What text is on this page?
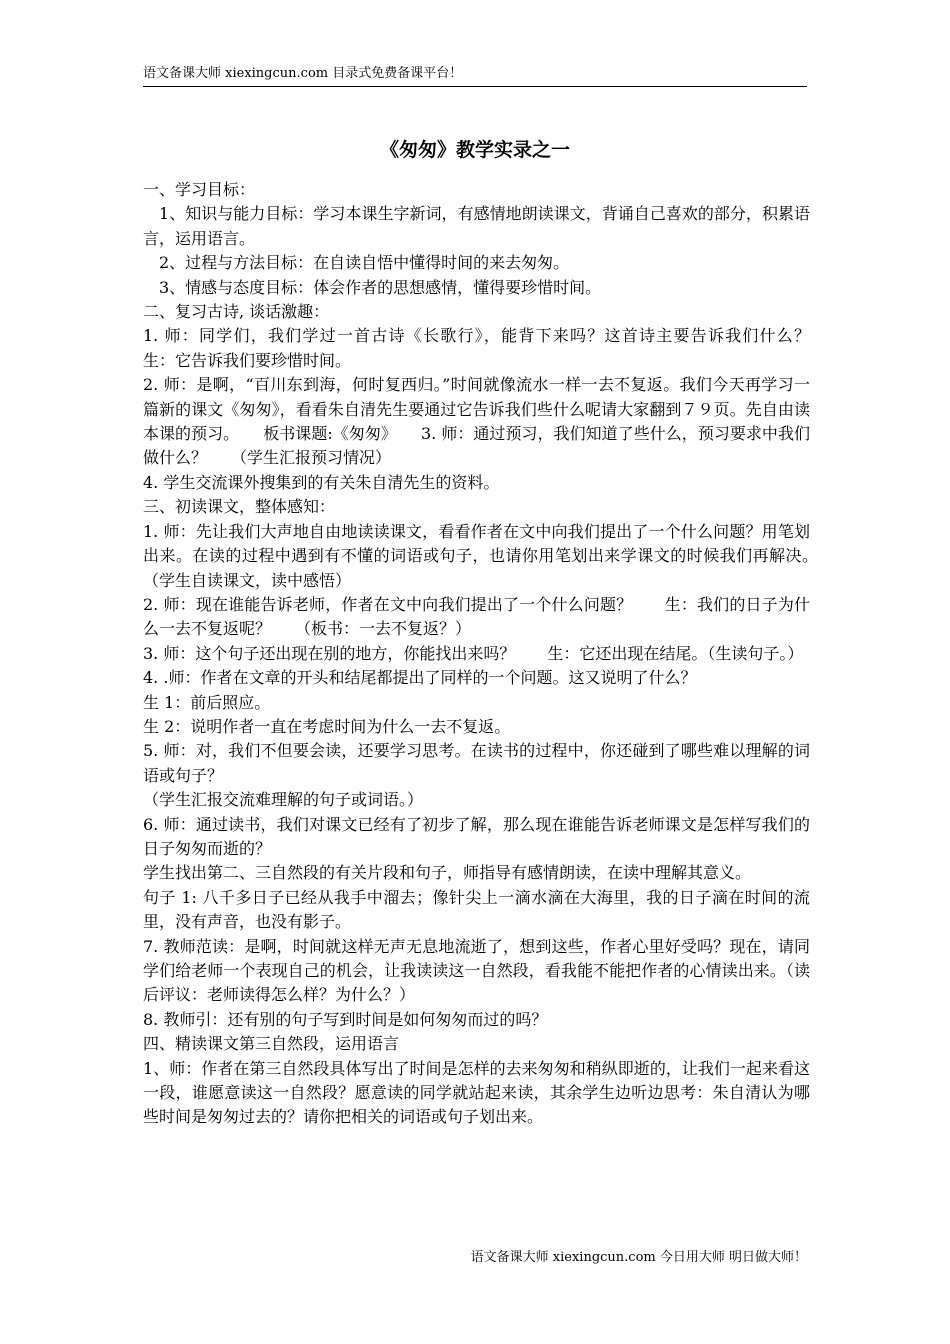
语文备课大师 xiexingcun.com 目录式免费备课平台！
《匆匆》教学实录之一

一、学习目标：

　1、知识与能力目标：学习本课生字新词，有感情地朗读课文，背诵自己喜欢的部分，积累语言，运用语言。

　2、过程与方法目标：在自读自悟中懂得时间的来去匆匆。

　3、情感与态度目标：体会作者的思想感情，懂得要珍惜时间。

二、复习古诗, 谈话激趣：

1. 师：同学们，我们学过一首古诗《长歌行》，能背下来吗？这首诗主要告诉我们什么？　　生：它告诉我们要珍惜时间。

2. 师：是啊，“百川东到海，何时复西归。”时间就像流水一样一去不复返。我们今天再学习一篇新的课文《匆匆》，看看朱自清先生要通过它告诉我们些什么呢请大家翻到７９页。先自由读本课的预习。　　板书课题:《匆匆》　　3. 师：通过预习，我们知道了些什么，预习要求中我们做什么？　　（学生汇报预习情况）

4. 学生交流课外搜集到的有关朱自清先生的资料。

三、初读课文，整体感知：

1. 师：先让我们大声地自由地读读课文，看看作者在文中向我们提出了一个什么问题？用笔划出来。在读的过程中遇到有不懂的词语或句子，也请你用笔划出来学课文的时候我们再解决。　　（学生自读课文，读中感悟）

2. 师：现在谁能告诉老师，作者在文中向我们提出了一个什么问题？　　生：我们的日子为什么一去不复返呢？　　（板书：一去不复返？）

3. 师：这个句子还出现在别的地方，你能找出来吗？　　生：它还出现在结尾。（生读句子。）

4. .师：作者在文章的开头和结尾都提出了同样的一个问题。这又说明了什么？

生 1：前后照应。

生 2：说明作者一直在考虑时间为什么一去不复返。

5. 师：对，我们不但要会读，还要学习思考。在读书的过程中，你还碰到了哪些难以理解的词语或句子？

（学生汇报交流难理解的句子或词语。）

6. 师：通过读书，我们对课文已经有了初步了解，那么现在谁能告诉老师课文是怎样写我们的日子匆匆而逝的？

学生找出第二、三自然段的有关片段和句子，师指导有感情朗读，在读中理解其意义。

句子 1: 八千多日子已经从我手中溜去；像针尖上一滴水滴在大海里，我的日子滴在时间的流里，没有声音，也没有影子。

7. 教师范读：是啊，时间就这样无声无息地流逝了，想到这些，作者心里好受吗？现在，请同学们给老师一个表现自己的机会，让我读读这一自然段，看我能不能把作者的心情读出来。（读后评议：老师读得怎么样？为什么？）

8. 教师引：还有别的句子写到时间是如何匆匆而过的吗？

四、精读课文第三自然段，运用语言

1、师：作者在第三自然段具体写出了时间是怎样的去来匆匆和稍纵即逝的，让我们一起来看这一段，谁愿意读这一自然段？愿意读的同学就站起来读，其余学生边听边思考：朱自清认为哪些时间是匆匆过去的？请你把相关的词语或句子划出来。

语文备课大师 xiexingcun.com 今日用大师 明日做大师！
